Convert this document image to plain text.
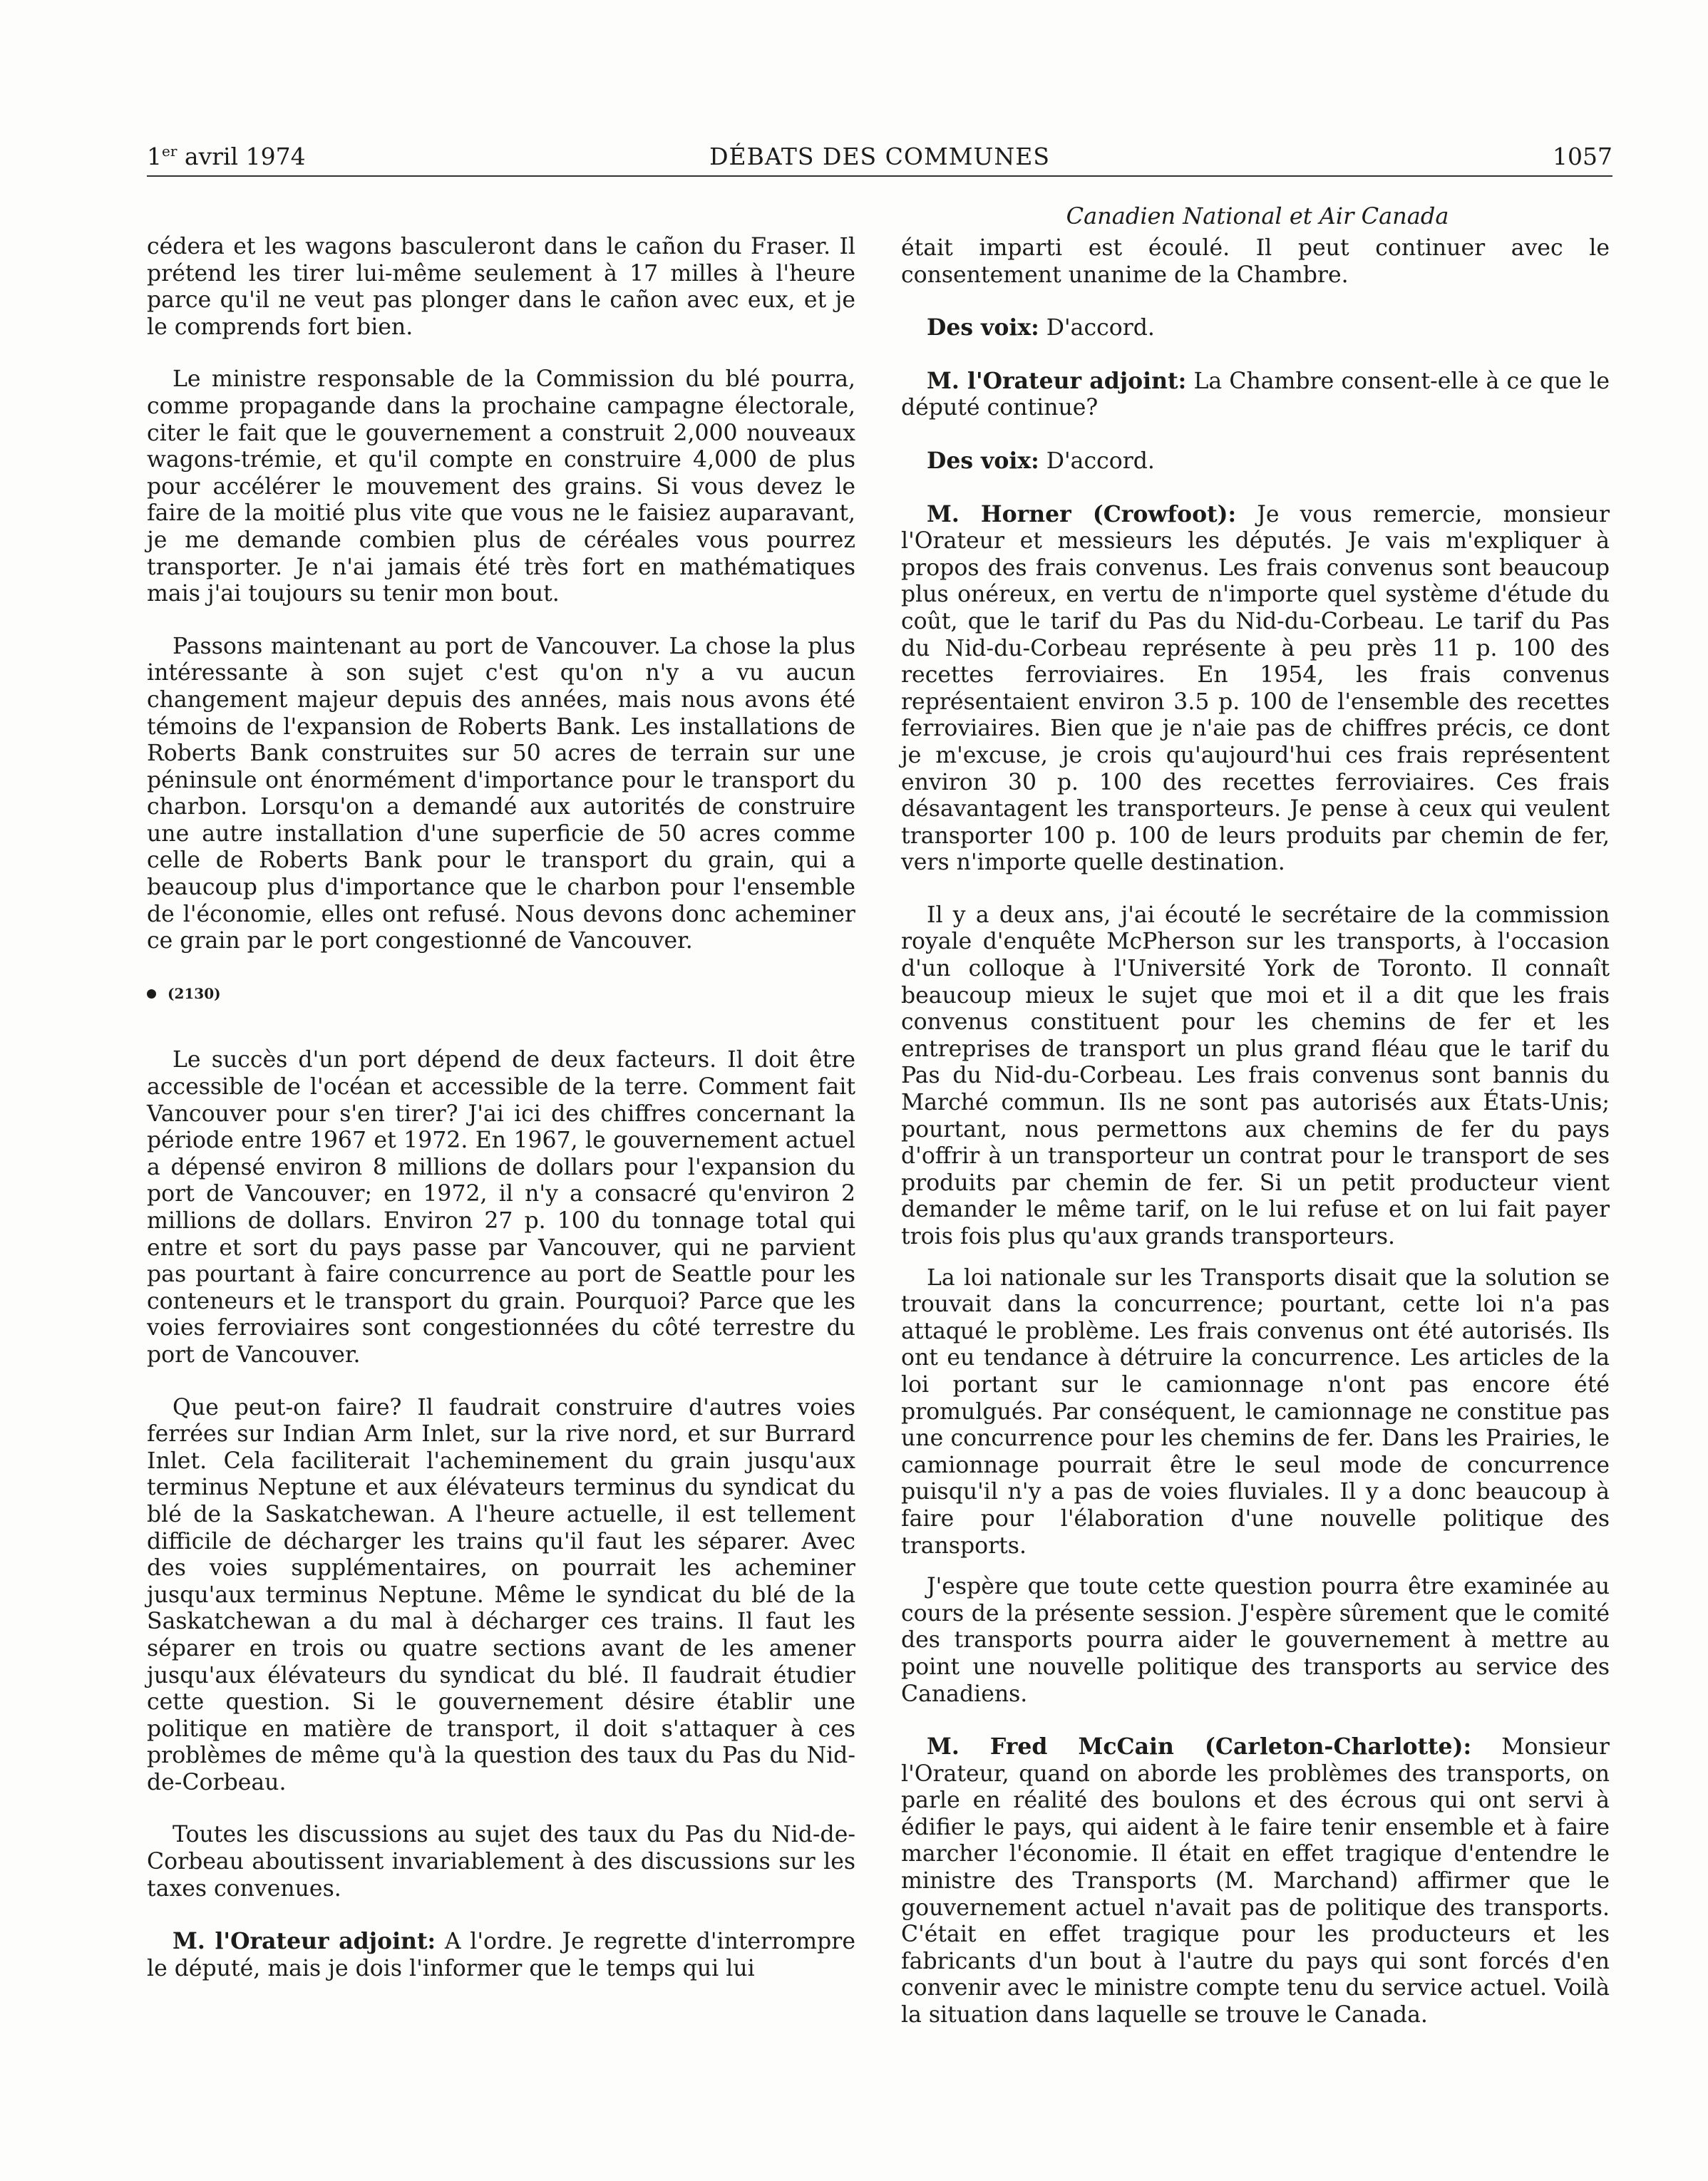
1er avril 1974	DÉBATS DES COMMUNES	1057
Canadien National et Air Canada

cédera et les wagons basculeront dans le cañon du Fraser. Il prétend les tirer lui-même seulement à 17 milles à l'heure parce qu'il ne veut pas plonger dans le cañon avec eux, et je le comprends fort bien.

Le ministre responsable de la Commission du blé pourra, comme propagande dans la prochaine campagne électorale, citer le fait que le gouvernement a construit 2,000 nouveaux wagons-trémie, et qu'il compte en construire 4,000 de plus pour accélérer le mouvement des grains. Si vous devez le faire de la moitié plus vite que vous ne le faisiez auparavant, je me demande combien plus de céréales vous pourrez transporter. Je n'ai jamais été très fort en mathématiques mais j'ai toujours su tenir mon bout.

Passons maintenant au port de Vancouver. La chose la plus intéressante à son sujet c'est qu'on n'y a vu aucun changement majeur depuis des années, mais nous avons été témoins de l'expansion de Roberts Bank. Les installations de Roberts Bank construites sur 50 acres de terrain sur une péninsule ont énormément d'importance pour le transport du charbon. Lorsqu'on a demandé aux autorités de construire une autre installation d'une superficie de 50 acres comme celle de Roberts Bank pour le transport du grain, qui a beaucoup plus d'importance que le charbon pour l'ensemble de l'économie, elles ont refusé. Nous devons donc acheminer ce grain par le port congestionné de Vancouver.

(2130)

Le succès d'un port dépend de deux facteurs. Il doit être accessible de l'océan et accessible de la terre. Comment fait Vancouver pour s'en tirer? J'ai ici des chiffres concernant la période entre 1967 et 1972. En 1967, le gouvernement actuel a dépensé environ 8 millions de dollars pour l'expansion du port de Vancouver; en 1972, il n'y a consacré qu'environ 2 millions de dollars. Environ 27 p. 100 du tonnage total qui entre et sort du pays passe par Vancouver, qui ne parvient pas pourtant à faire concurrence au port de Seattle pour les conteneurs et le transport du grain. Pourquoi? Parce que les voies ferroviaires sont congestionnées du côté terrestre du port de Vancouver.

Que peut-on faire? Il faudrait construire d'autres voies ferrées sur Indian Arm Inlet, sur la rive nord, et sur Burrard Inlet. Cela faciliterait l'acheminement du grain jusqu'aux terminus Neptune et aux élévateurs terminus du syndicat du blé de la Saskatchewan. A l'heure actuelle, il est tellement difficile de décharger les trains qu'il faut les séparer. Avec des voies supplémentaires, on pourrait les acheminer jusqu'aux terminus Neptune. Même le syndicat du blé de la Saskatchewan a du mal à décharger ces trains. Il faut les séparer en trois ou quatre sections avant de les amener jusqu'aux élévateurs du syndicat du blé. Il faudrait étudier cette question. Si le gouvernement désire établir une politique en matière de transport, il doit s'attaquer à ces problèmes de même qu'à la question des taux du Pas du Nid-de-Corbeau.

Toutes les discussions au sujet des taux du Pas du Nid-de-Corbeau aboutissent invariablement à des discussions sur les taxes convenues.

M. l'Orateur adjoint: A l'ordre. Je regrette d'interrompre le député, mais je dois l'informer que le temps qui lui

était imparti est écoulé. Il peut continuer avec le consentement unanime de la Chambre.

Des voix: D'accord.

M. l'Orateur adjoint: La Chambre consent-elle à ce que le député continue?

Des voix: D'accord.

M. Horner (Crowfoot): Je vous remercie, monsieur l'Orateur et messieurs les députés. Je vais m'expliquer à propos des frais convenus. Les frais convenus sont beaucoup plus onéreux, en vertu de n'importe quel système d'étude du coût, que le tarif du Pas du Nid-du-Corbeau. Le tarif du Pas du Nid-du-Corbeau représente à peu près 11 p. 100 des recettes ferroviaires. En 1954, les frais convenus représentaient environ 3.5 p. 100 de l'ensemble des recettes ferroviaires. Bien que je n'aie pas de chiffres précis, ce dont je m'excuse, je crois qu'aujourd'hui ces frais représentent environ 30 p. 100 des recettes ferroviaires. Ces frais désavantagent les transporteurs. Je pense à ceux qui veulent transporter 100 p. 100 de leurs produits par chemin de fer, vers n'importe quelle destination.

Il y a deux ans, j'ai écouté le secrétaire de la commission royale d'enquête McPherson sur les transports, à l'occasion d'un colloque à l'Université York de Toronto. Il connaît beaucoup mieux le sujet que moi et il a dit que les frais convenus constituent pour les chemins de fer et les entreprises de transport un plus grand fléau que le tarif du Pas du Nid-du-Corbeau. Les frais convenus sont bannis du Marché commun. Ils ne sont pas autorisés aux États-Unis; pourtant, nous permettons aux chemins de fer du pays d'offrir à un transporteur un contrat pour le transport de ses produits par chemin de fer. Si un petit producteur vient demander le même tarif, on le lui refuse et on lui fait payer trois fois plus qu'aux grands transporteurs.

La loi nationale sur les Transports disait que la solution se trouvait dans la concurrence; pourtant, cette loi n'a pas attaqué le problème. Les frais convenus ont été autorisés. Ils ont eu tendance à détruire la concurrence. Les articles de la loi portant sur le camionnage n'ont pas encore été promulgués. Par conséquent, le camionnage ne constitue pas une concurrence pour les chemins de fer. Dans les Prairies, le camionnage pourrait être le seul mode de concurrence puisqu'il n'y a pas de voies fluviales. Il y a donc beaucoup à faire pour l'élaboration d'une nouvelle politique des transports.

J'espère que toute cette question pourra être examinée au cours de la présente session. J'espère sûrement que le comité des transports pourra aider le gouvernement à mettre au point une nouvelle politique des transports au service des Canadiens.

M. Fred McCain (Carleton-Charlotte): Monsieur l'Orateur, quand on aborde les problèmes des transports, on parle en réalité des boulons et des écrous qui ont servi à édifier le pays, qui aident à le faire tenir ensemble et à faire marcher l'économie. Il était en effet tragique d'entendre le ministre des Transports (M. Marchand) affirmer que le gouvernement actuel n'avait pas de politique des transports. C'était en effet tragique pour les producteurs et les fabricants d'un bout à l'autre du pays qui sont forcés d'en convenir avec le ministre compte tenu du service actuel. Voilà la situation dans laquelle se trouve le Canada.
